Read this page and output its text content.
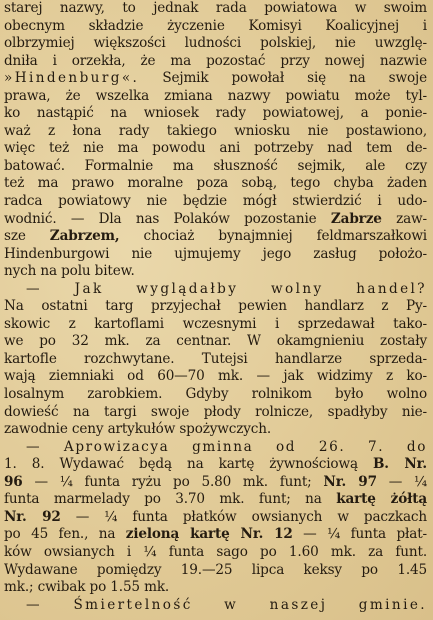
starej nazwy, to jednak rada powiatowa w swoim
obecnym składzie życzenie Komisyi Koalicyjnej i
olbrzymiej większości ludności polskiej, nie uwzglę-
dniła i orzekła, że ma pozostać przy nowej nazwie
»Hindenburg«. Sejmik powołał się na swoje
prawa, że wszelka zmiana nazwy powiatu może tyl-
ko nastąpić na wniosek rady powiatowej, a ponie-
waż z łona rady takiego wniosku nie postawiono,
więc też nie ma powodu ani potrzeby nad tem de-
batować. Formalnie ma słuszność sejmik, ale czy
też ma prawo moralne poza sobą, tego chyba żaden
radca powiatowy nie będzie mógł stwierdzić i udo-
wodnić. — Dla nas Polaków pozostanie Zabrze zaw-
sze Zabrzem, chociaż bynajmniej feldmarszałkowi
Hindenburgowi nie ujmujemy jego zasług położo-
nych na polu bitew.
— Jak wyglądałby wolny handel?
Na ostatni targ przyjechał pewien handlarz z Py-
skowic z kartoflami wczesnymi i sprzedawał tako-
we po 32 mk. za centnar. W okamgnieniu zostały
kartofle rozchwytane. Tutejsi handlarze sprzeda-
wają ziemniaki od 60—70 mk. — jak widzimy z ko-
losalnym zarobkiem. Gdyby rolnikom było wolno
dowieść na targi swoje płody rolnicze, spadłyby nie-
zawodnie ceny artykułów spożywczych.
— Aprowizacya gminna od 26. 7. do
1. 8. Wydawać będą na kartę żywnościową B. Nr.
96 — ¼ funta ryżu po 5.80 mk. funt; Nr. 97 — ¼
funta marmelady po 3.70 mk. funt; na kartę żółtą
Nr. 92 — ¼ funta płatków owsianych w paczkach
po 45 fen., na zieloną kartę Nr. 12 — ¼ funta płat-
ków owsianych i ¼ funta sago po 1.60 mk. za funt.
Wydawane pomiędzy 19.—25 lipca keksy po 1.45
mk.; cwibak po 1.55 mk.
— Śmiertelność w naszej gminie.
